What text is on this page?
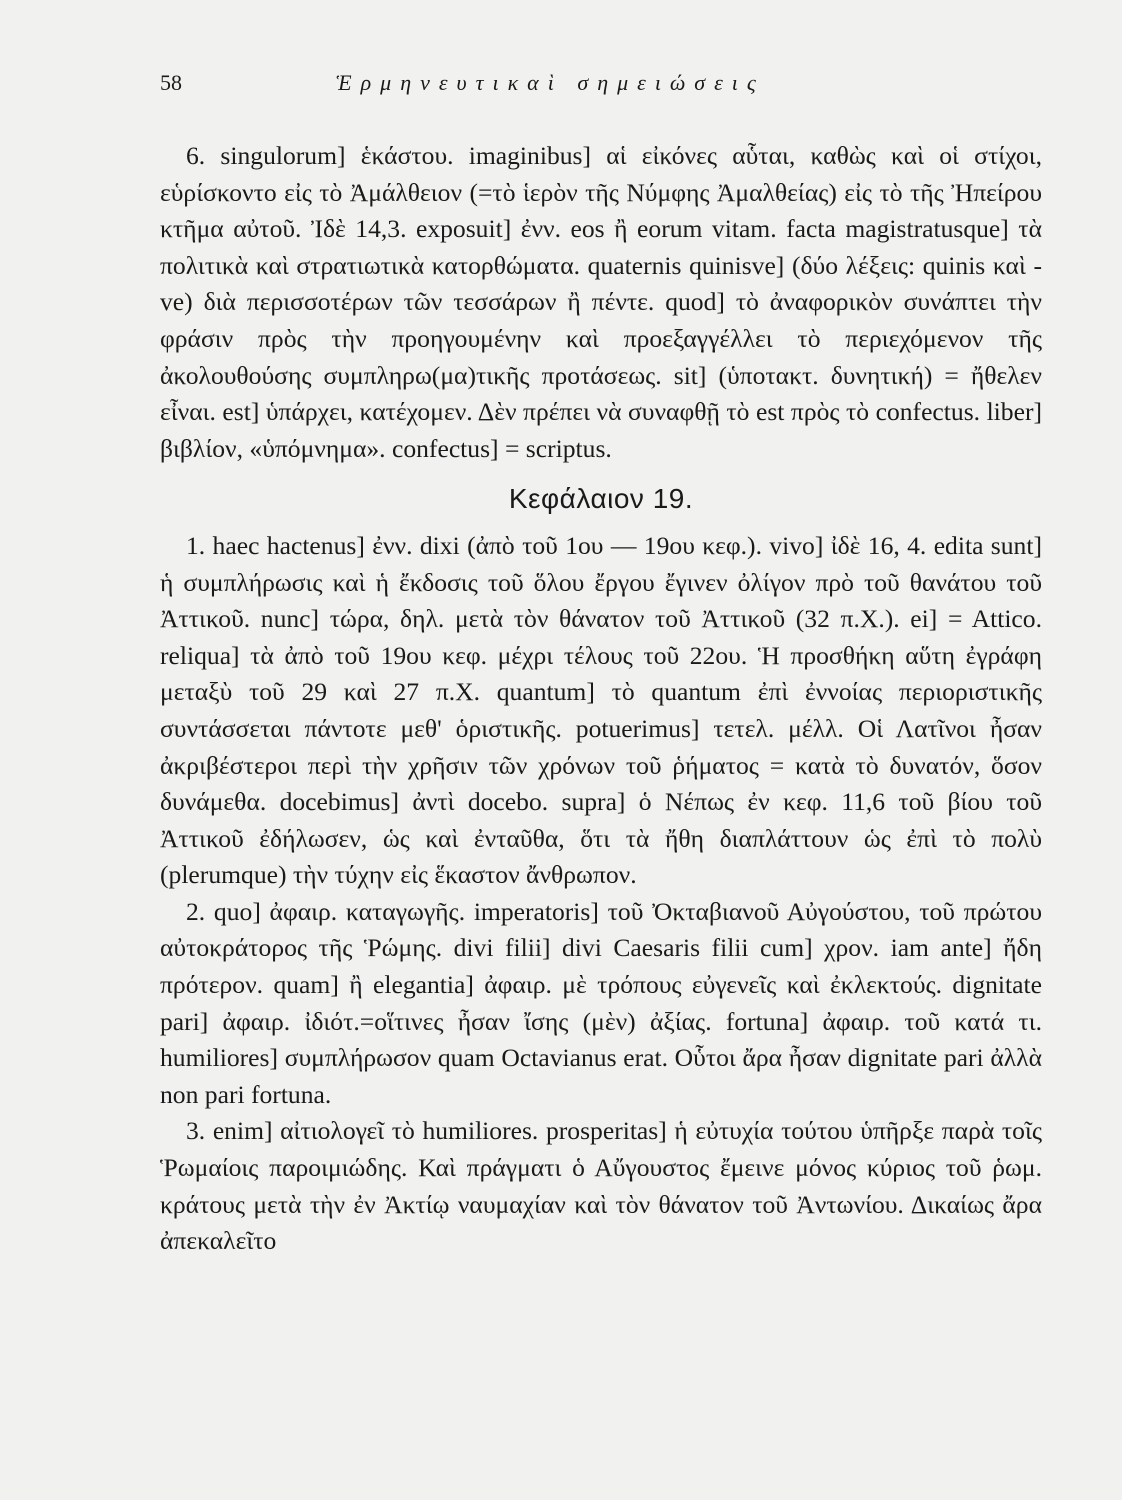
58	Ἑρμηνευτικαὶ σημειώσεις

6. singulorum] ἑκάστου. imaginibus] αἱ εἰκόνες αὗται, καθὼς καὶ οἱ στίχοι, εὑρίσκοντο εἰς τὸ Ἀμάλθειον (=τὸ ἱερὸν τῆς Νύμφης Ἀμαλθείας) εἰς τὸ τῆς Ἠπείρου κτῆμα αὐτοῦ. Ἰδὲ 14,3. exposuit] ἐνν. eos ἢ eorum vitam. facta magistratusque] τὰ πολιτικὰ καὶ στρατιωτικὰ κατορθώματα. quaternis quinisve] (δύο λέξεις: quinis καὶ -ve) διὰ περισσοτέρων τῶν τεσσάρων ἢ πέντε. quod] τὸ ἀναφορικὸν συνάπτει τὴν φράσιν πρὸς τὴν προηγουμένην καὶ προεξαγγέλλει τὸ περιεχόμενον τῆς ἀκολουθούσης συμπληρω(μα)τικῆς προτάσεως. sit] (ὑποτακτ. δυνητική) = ἤθελεν εἶναι. est] ὑπάρχει, κατέχομεν. Δὲν πρέπει νὰ συναφθῇ τὸ est πρὸς τὸ confectus. liber] βιβλίον, «ὑπόμνημα». confectus] = scriptus.

Κεφάλαιον 19.

1. haec hactenus] ἐνν. dixi (ἀπὸ τοῦ 1ου — 19ου κεφ.). vivo] ἰδὲ 16, 4. edita sunt] ἡ συμπλήρωσις καὶ ἡ ἔκδοσις τοῦ ὅλου ἔργου ἔγινεν ὀλίγον πρὸ τοῦ θανάτου τοῦ Ἀττικοῦ. nunc] τώρα, δηλ. μετὰ τὸν θάνατον τοῦ Ἀττικοῦ (32 π.Χ.). ei] = Attico. reliqua] τὰ ἀπὸ τοῦ 19ου κεφ. μέχρι τέλους τοῦ 22ου. Ἡ προσθήκη αὕτη ἐγράφη μεταξὺ τοῦ 29 καὶ 27 π.Χ. quantum] τὸ quantum ἐπὶ ἐννοίας περιοριστικῆς συντάσσεται πάντοτε μεθ' ὁριστικῆς. potuerimus] τετελ. μέλλ. Οἱ Λατῖνοι ἦσαν ἀκριβέστεροι περὶ τὴν χρῆσιν τῶν χρόνων τοῦ ῥήματος = κατὰ τὸ δυνατόν, ὅσον δυνάμεθα. docebimus] ἀντὶ docebo. supra] ὁ Νέπως ἐν κεφ. 11,6 τοῦ βίου τοῦ Ἀττικοῦ ἐδήλωσεν, ὡς καὶ ἐνταῦθα, ὅτι τὰ ἤθη διαπλάττουν ὡς ἐπὶ τὸ πολὺ (plerumque) τὴν τύχην εἰς ἕκαστον ἄνθρωπον.

2. quo] ἀφαιρ. καταγωγῆς. imperatoris] τοῦ Ὀκταβιανοῦ Αὐγούστου, τοῦ πρώτου αὐτοκράτορος τῆς Ῥώμης. divi filii] divi Caesaris filii cum] χρον. iam ante] ἤδη πρότερον. quam] ἢ elegantia] ἀφαιρ. μὲ τρόπους εὐγενεῖς καὶ ἐκλεκτούς. dignitate pari] ἀφαιρ. ἰδιότ.=οἵτινες ἦσαν ἴσης (μὲν) ἀξίας. fortuna] ἀφαιρ. τοῦ κατά τι. humiliores] συμπλήρωσον quam Octavianus erat. Οὗτοι ἄρα ἦσαν dignitate pari ἀλλὰ non pari fortuna.

3. enim] αἰτιολογεῖ τὸ humiliores. prosperitas] ἡ εὐτυχία τούτου ὑπῆρξε παρὰ τοῖς Ῥωμαίοις παροιμιώδης. Καὶ πράγματι ὁ Αὔγουστος ἔμεινε μόνος κύριος τοῦ ῥωμ. κράτους μετὰ τὴν ἐν Ἀκτίῳ ναυμαχίαν καὶ τὸν θάνατον τοῦ Ἀντωνίου. Δικαίως ἄρα ἀπεκαλεῖτο
